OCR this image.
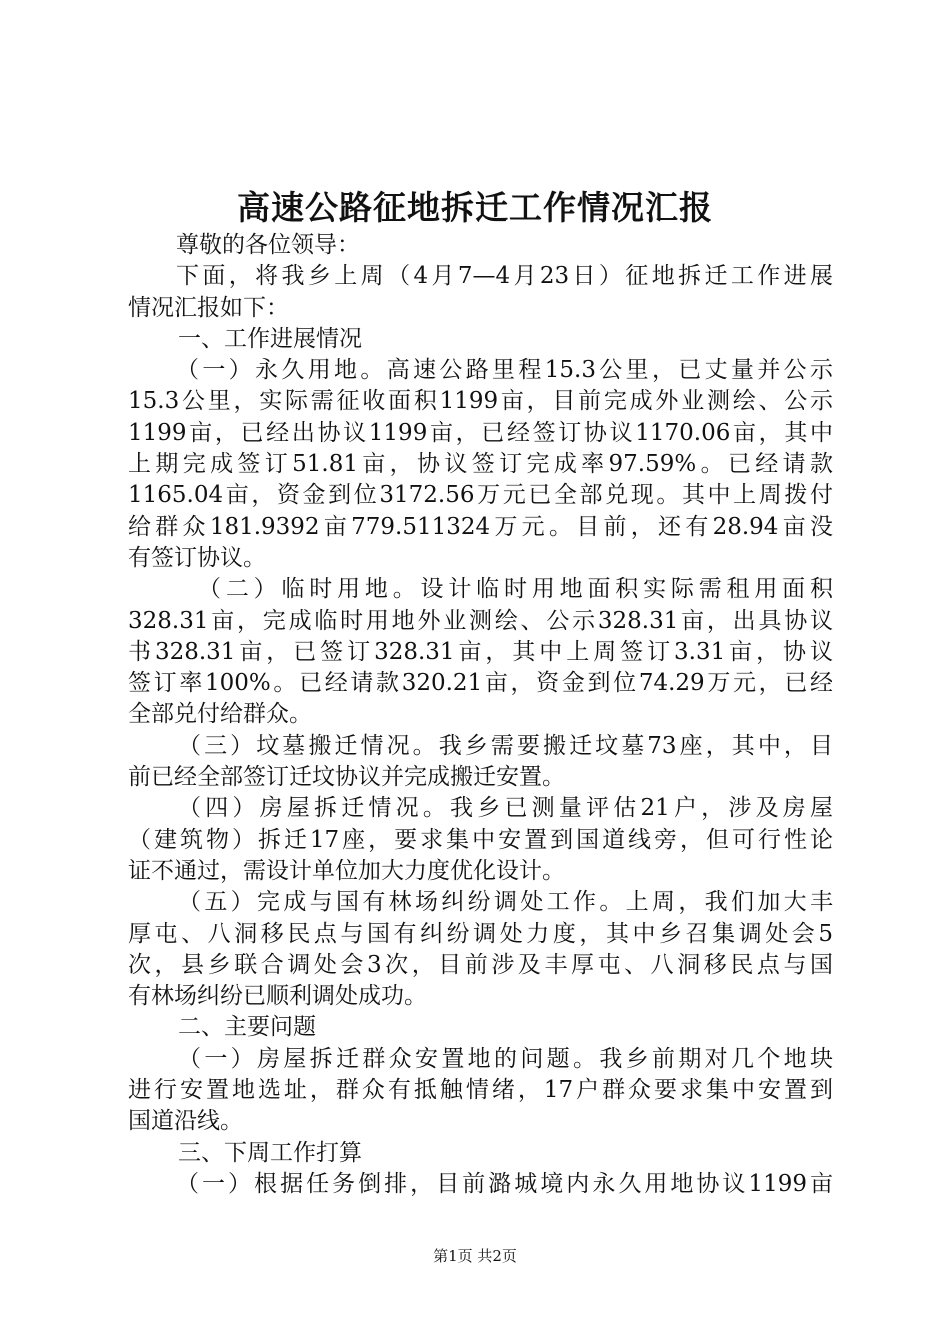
高速公路征地拆迁工作情况汇报
尊敬的各位领导：
下面，将我乡上周（4月7—4月23日）征地拆迁工作进展
情况汇报如下：
一、工作进展情况
（一）永久用地。高速公路里程15.3公里，已丈量并公示
15.3公里，实际需征收面积1199亩，目前完成外业测绘、公示
1199亩，已经出协议1199亩，已经签订协议1170.06亩，其中
上期完成签订51.81亩，协议签订完成率97.59%。已经请款
1165.04亩，资金到位3172.56万元已全部兑现。其中上周拨付
给群众181.9392亩779.511324万元。目前，还有28.94亩没
有签订协议。
（二）临时用地。设计临时用地面积实际需租用面积
328.31亩，完成临时用地外业测绘、公示328.31亩，出具协议
书328.31亩，已签订328.31亩，其中上周签订3.31亩，协议
签订率100%。已经请款320.21亩，资金到位74.29万元，已经
全部兑付给群众。
（三）坟墓搬迁情况。我乡需要搬迁坟墓73座，其中，目
前已经全部签订迁坟协议并完成搬迁安置。
（四）房屋拆迁情况。我乡已测量评估21户，涉及房屋
（建筑物）拆迁17座，要求集中安置到国道线旁，但可行性论
证不通过，需设计单位加大力度优化设计。
（五）完成与国有林场纠纷调处工作。上周，我们加大丰
厚屯、八洞移民点与国有纠纷调处力度，其中乡召集调处会5
次，县乡联合调处会3次，目前涉及丰厚屯、八洞移民点与国
有林场纠纷已顺利调处成功。
二、主要问题
（一）房屋拆迁群众安置地的问题。我乡前期对几个地块
进行安置地选址，群众有抵触情绪，17户群众要求集中安置到
国道沿线。
三、下周工作打算
（一）根据任务倒排，目前潞城境内永久用地协议1199亩
第1页 共2页
